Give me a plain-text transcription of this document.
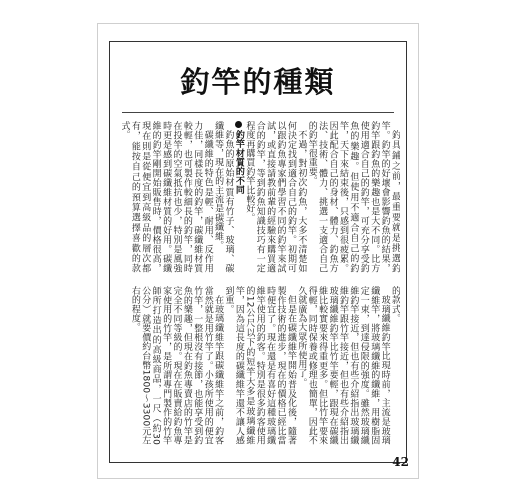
釣竿的種類

釣具鋪之前，最重要就是挑選釣竿。釣竿的好壞會影響釣魚的結果，釣竿跟釣魚的樂趣也是大不同。比方使用適合自己的釣竿，可充分享受釣魚的樂趣。但使用不適合自己的釣竿，天下來結束後，只感到很疲累。因此配合自己的身材、體力、釣魚方法、技術、體力、挑選一支適合自己的釣竿很重要。

不過，對初次釣魚，大多不清楚如何決定找到適合自己的釣竿。初期可以跟釣魚專家們學習不同的釣竿來試試，或直接請教前輩的經驗來購買適合的釣竿，等到釣魚知識技巧有一定程度再購買釣竿比較好。

釣竿材質的不同

釣魚的原始材質有竹子、玻璃、碳纖維等，現在的主流是碳纖維。

碳纖維的特色是輕、耐用、反作用力佳，同樣長度的釣竿，碳纖維材質較輕，也可製作較細長的釣竿，同時在投竿的空氣抵抗也少，特別是風強時更是感到碳纖維材質的好用。碳纖維的釣竿剛開始販售時，價格很高，現在則是從便宜到高級品的層次都有，能按自己的預算選擇喜歡的款式。

的款式。

玻璃纖維釣竿比現時前，主流是玻璃纖維竿，將玻璃纖維的纖維，用樹脂固定一束，到達侵限的強度。雖然玻璃纖維釣竿接近，但也有些介紹指出玻璃纖維釣竿跟竹竿接近，但也有些介紹指出玻璃纖維釣竿比竹竿要輕，跟現在碳纖維比較實要來得重更多。但比竹竿要來得輕，同時保養或修理也簡單，因此不久就廣為大眾所使用了。

但是在碳纖維竿開始普及化後，隨著製作技術的進步，現在的價格已經比當時便宜了。現在還是有喜好這種玻璃纖維竿使用的釣客。特別是很多釣客使用的12公尺以下的短竿大多是玻璃纖維竿，因為這長度的碳纖維竿還不讓人感到重。

在玻璃纖維竿跟碳纖維竿之前，釣客當然就是用竹竿了。小孩所使用的便宜竹竿，一整根沒有接節，也能享受到釣魚的樂趣，但現在釣魚專賣店的竹竿是完全不同等級的。現在在販賣給釣魚專家使用的竹竿，是所謂專門製作的竹竿師所打造出的高級商品，一尺（約30公分）就要價約台幣1800～3300元左右的程度。

42
